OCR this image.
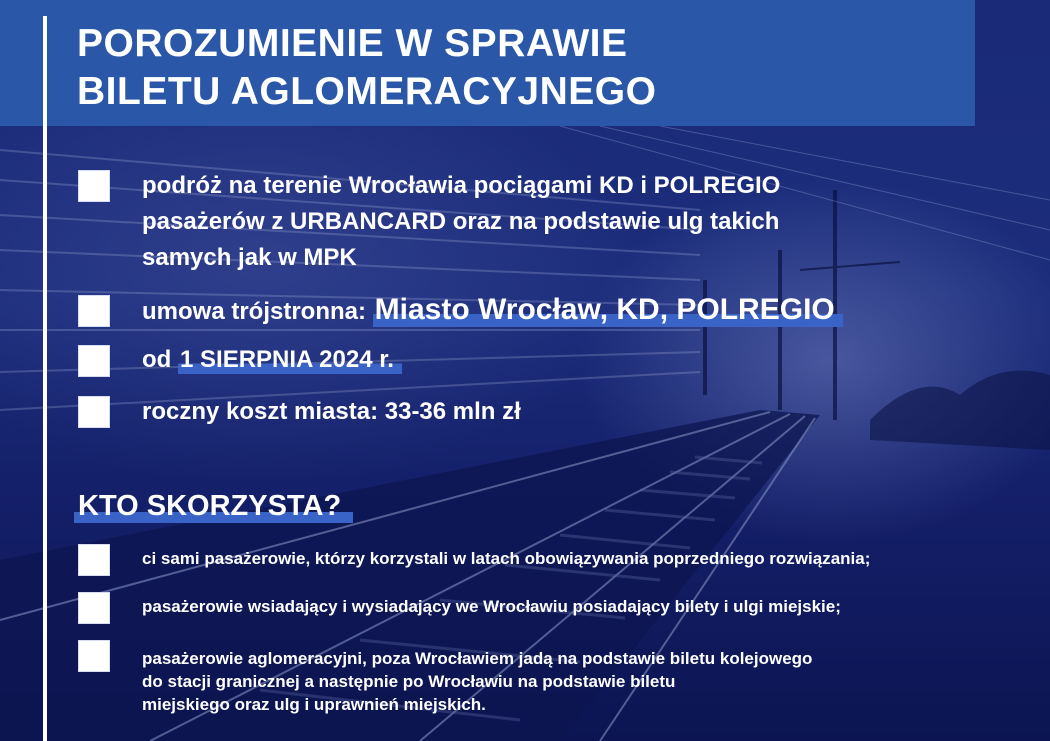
POROZUMIENIE W SPRAWIE
BILETU AGLOMERACYJNEGO
podróż na terenie Wrocławia pociągami KD i POLREGIO
pasażerów z URBANCARD oraz na podstawie ulg takich
samych jak w MPK
umowa trójstronna: Miasto Wrocław, KD, POLREGIO
od 1 SIERPNIA 2024 r.
roczny koszt miasta: 33-36 mln zł
KTO SKORZYSTA?
ci sami pasażerowie, którzy korzystali w latach obowiązywania poprzedniego rozwiązania;
pasażerowie wsiadający i wysiadający we Wrocławiu posiadający bilety i ulgi miejskie;
pasażerowie aglomeracyjni, poza Wrocławiem jadą na podstawie biletu kolejowego
do stacji granicznej a następnie po Wrocławiu na podstawie biletu
miejskiego oraz ulg i uprawnień miejskich.
